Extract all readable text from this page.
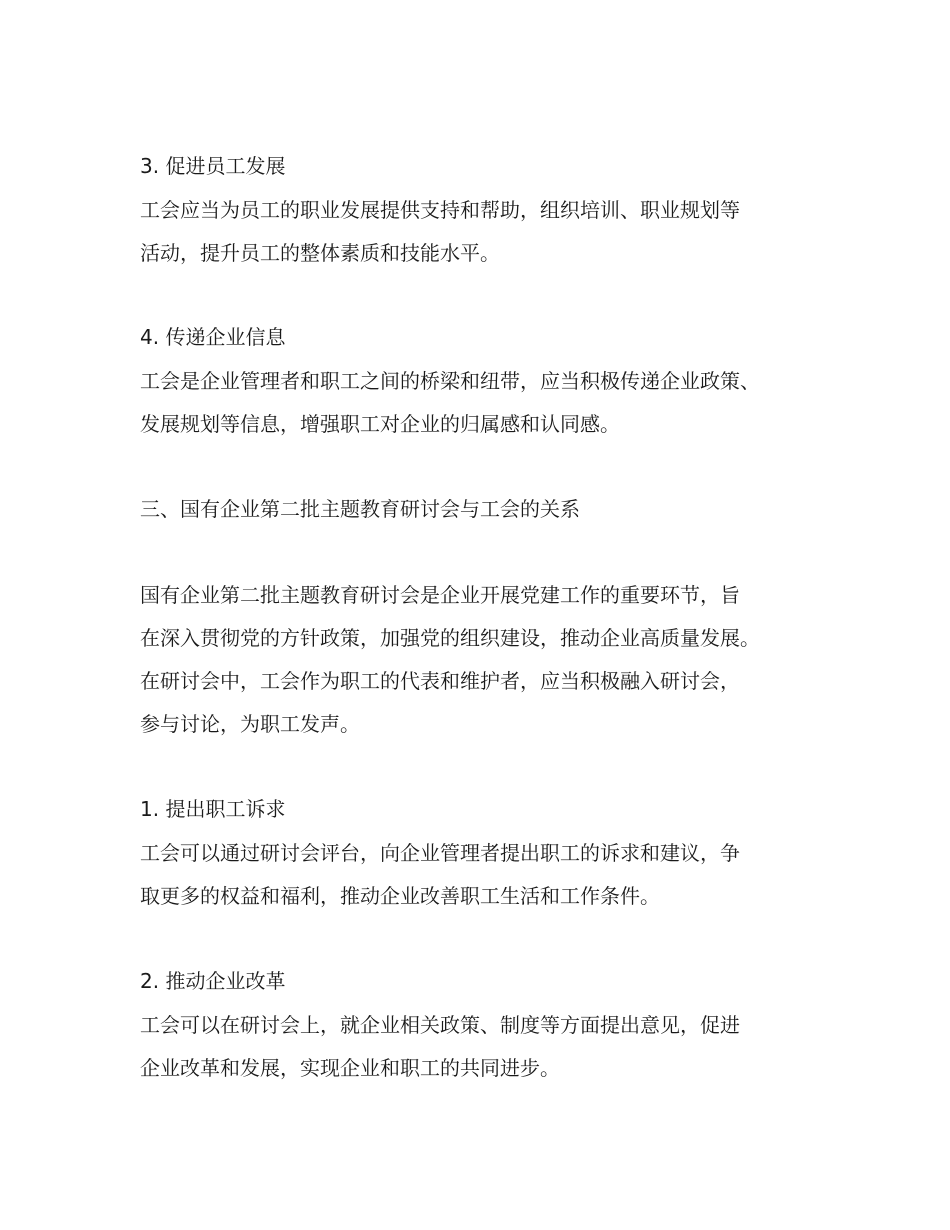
3. 促进员工发展
工会应当为员工的职业发展提供支持和帮助，组织培训、职业规划等
活动，提升员工的整体素质和技能水平。
4. 传递企业信息
工会是企业管理者和职工之间的桥梁和纽带，应当积极传递企业政策、
发展规划等信息，增强职工对企业的归属感和认同感。
三、国有企业第二批主题教育研讨会与工会的关系
国有企业第二批主题教育研讨会是企业开展党建工作的重要环节，旨
在深入贯彻党的方针政策，加强党的组织建设，推动企业高质量发展。
在研讨会中，工会作为职工的代表和维护者，应当积极融入研讨会，
参与讨论，为职工发声。
1. 提出职工诉求
工会可以通过研讨会评台，向企业管理者提出职工的诉求和建议，争
取更多的权益和福利，推动企业改善职工生活和工作条件。
2. 推动企业改革
工会可以在研讨会上，就企业相关政策、制度等方面提出意见，促进
企业改革和发展，实现企业和职工的共同进步。
